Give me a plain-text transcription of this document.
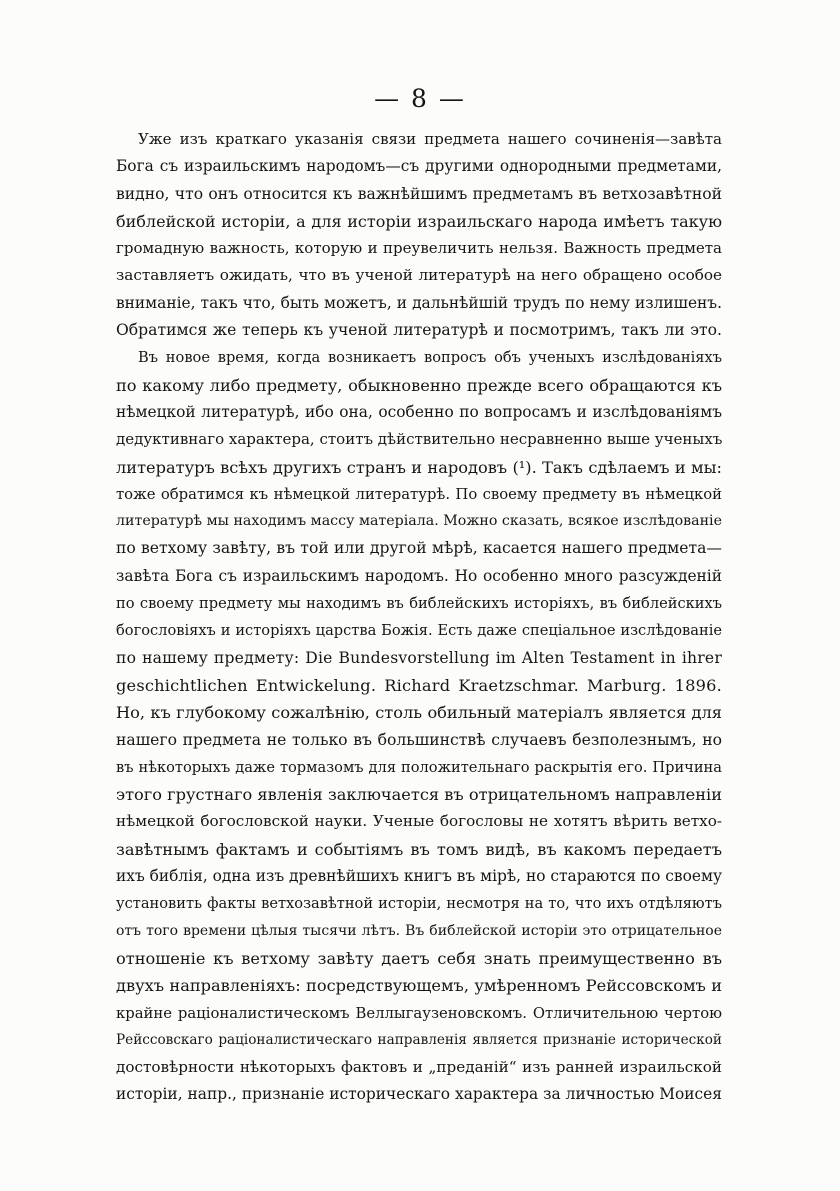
— 8 —
Уже изъ краткаго указанія связи предмета нашего сочиненія—завѣта
Бога съ израильскимъ народомъ—съ другими однородными предметами,
видно, что онъ относится къ важнѣйшимъ предметамъ въ ветхозавѣтной
библейской исторіи, а для исторіи израильскаго народа имѣетъ такую
громадную важность, которую и преувеличить нельзя. Важность предмета
заставляетъ ожидать, что въ ученой литературѣ на него обращено особое
вниманіе, такъ что, быть можетъ, и дальнѣйшій трудъ по нему излишенъ.
Обратимся же теперь къ ученой литературѣ и посмотримъ, такъ ли это.
Въ новое время, когда возникаетъ вопросъ объ ученыхъ изслѣдованіяхъ
по какому либо предмету, обыкновенно прежде всего обращаются къ
нѣмецкой литературѣ, ибо она, особенно по вопросамъ и изслѣдованіямъ
дедуктивнаго характера, стоитъ дѣйствительно несравненно выше ученыхъ
литературъ всѣхъ другихъ странъ и народовъ (¹). Такъ сдѣлаемъ и мы:
тоже обратимся къ нѣмецкой литературѣ. По своему предмету въ нѣмецкой
литературѣ мы находимъ массу матеріала. Можно сказать, всякое изслѣдованіе
по ветхому завѣту, въ той или другой мѣрѣ, касается нашего предмета—
завѣта Бога съ израильскимъ народомъ. Но особенно много разсужденій
по своему предмету мы находимъ въ библейскихъ исторіяхъ, въ библейскихъ
богословіяхъ и исторіяхъ царства Божія. Есть даже спеціальное изслѣдованіе
по нашему предмету: Die Bundesvorstellung im Alten Testament in ihrer
geschichtlichen Entwickelung. Richard Kraetzschmar. Marburg. 1896.
Но, къ глубокому сожалѣнію, столь обильный матеріалъ является для
нашего предмета не только въ большинствѣ случаевъ безполезнымъ, но
въ нѣкоторыхъ даже тормазомъ для положительнаго раскрытія его. Причина
этого грустнаго явленія заключается въ отрицательномъ направленіи
нѣмецкой богословской науки. Ученые богословы не хотятъ вѣрить ветхо-
завѣтнымъ фактамъ и событіямъ въ томъ видѣ, въ какомъ передаетъ
ихъ библія, одна изъ древнѣйшихъ книгъ въ мірѣ, но стараются по своему
установить факты ветхозавѣтной исторіи, несмотря на то, что ихъ отдѣляютъ
отъ того времени цѣлыя тысячи лѣтъ. Въ библейской исторіи это отрицательное
отношеніе къ ветхому завѣту даетъ себя знать преимущественно въ
двухъ направленіяхъ: посредствующемъ, умѣренномъ Рейссовскомъ и
крайне раціоналистическомъ Веллыгаузеновскомъ. Отличительною чертою
Рейссовскаго раціоналистическаго направленія является признаніе исторической
достовѣрности нѣкоторыхъ фактовъ и „преданій“ изъ ранней израильской
исторіи, напр., признаніе историческаго характера за личностью Моисея
